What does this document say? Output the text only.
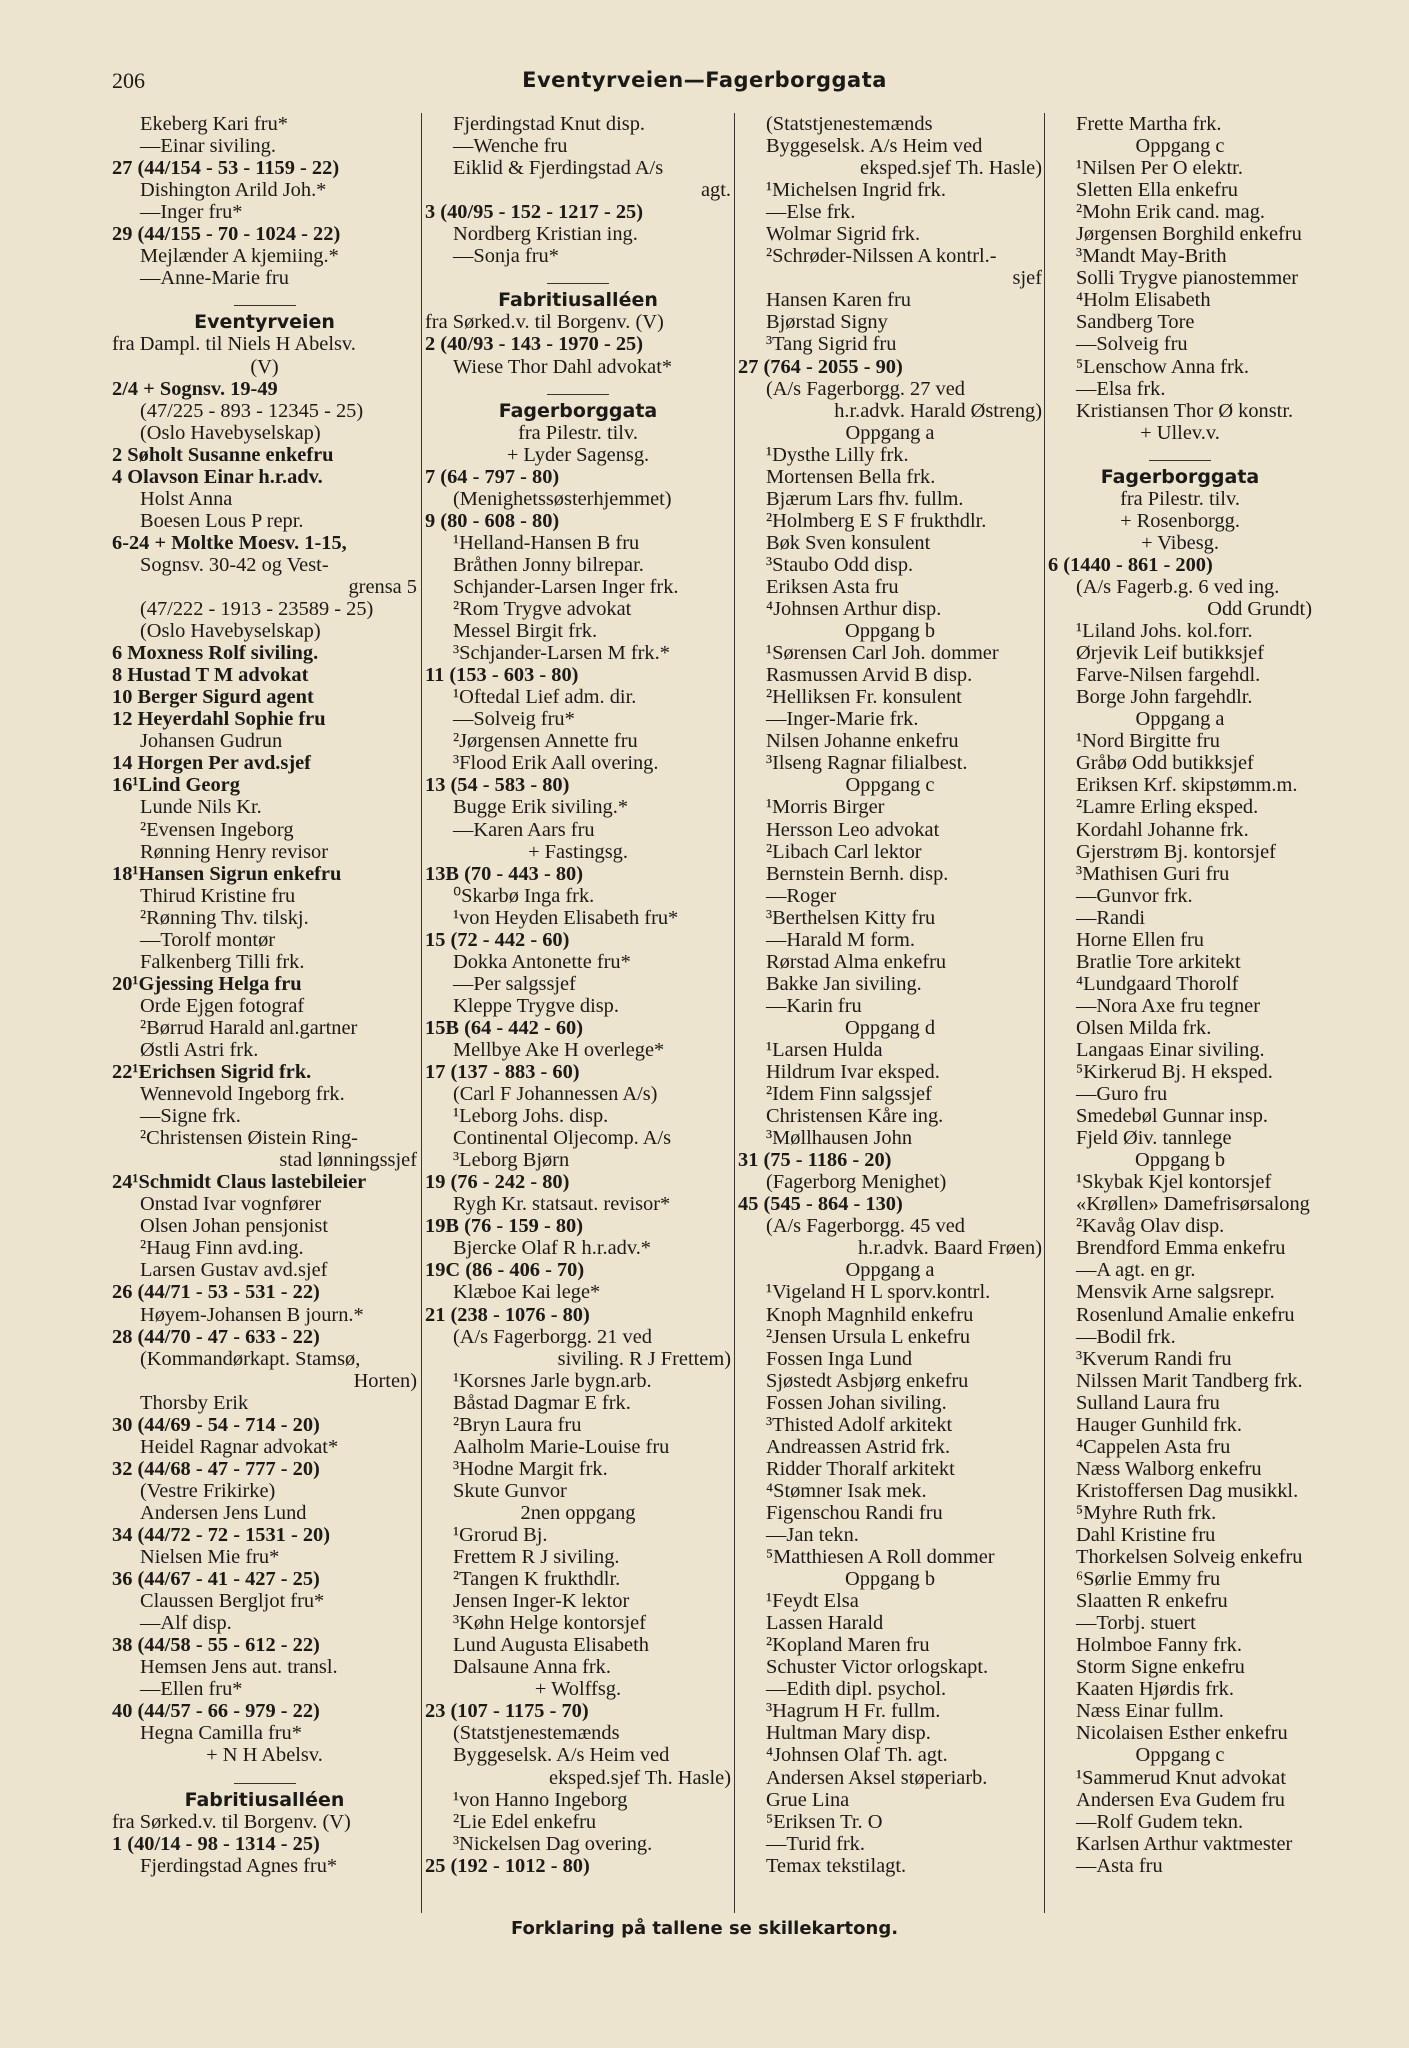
206	Eventyrveien—Fagerborggata
Ekeberg Kari fru*
—Einar siviling.
27 (44/154 - 53 - 1159 - 22)
Dishington Arild Joh.*
—Inger fru*
29 (44/155 - 70 - 1024 - 22)
Mejlænder A kjemiing.*
—Anne-Marie fru
Eventyrveien
fra Dampl. til Niels H Abelsv.
(V)
2/4 + Sognsv. 19-49
(47/225 - 893 - 12345 - 25)
(Oslo Havebyselskap)
2 Søholt Susanne enkefru
4 Olavson Einar h.r.adv.
Holst Anna
Boesen Lous P repr.
6-24 + Moltke Moesv. 1-15,
Sognsv. 30-42 og Vest-
grensa 5
(47/222 - 1913 - 23589 - 25)
(Oslo Havebyselskap)
6 Moxness Rolf siviling.
8 Hustad T M advokat
10 Berger Sigurd agent
12 Heyerdahl Sophie fru
Johansen Gudrun
14 Horgen Per avd.sjef
16¹Lind Georg
Lunde Nils Kr.
²Evensen Ingeborg
Rønning Henry revisor
18¹Hansen Sigrun enkefru
Thirud Kristine fru
²Rønning Thv. tilskj.
—Torolf montør
Falkenberg Tilli frk.
20¹Gjessing Helga fru
Orde Ejgen fotograf
²Børrud Harald anl.gartner
Østli Astri frk.
22¹Erichsen Sigrid frk.
Wennevold Ingeborg frk.
—Signe frk.
²Christensen Øistein Ring-
stad lønningssjef
24¹Schmidt Claus lastebileier
Onstad Ivar vognfører
Olsen Johan pensjonist
²Haug Finn avd.ing.
Larsen Gustav avd.sjef
26 (44/71 - 53 - 531 - 22)
Høyem-Johansen B journ.*
28 (44/70 - 47 - 633 - 22)
(Kommandørkapt. Stamsø,
Horten)
Thorsby Erik
30 (44/69 - 54 - 714 - 20)
Heidel Ragnar advokat*
32 (44/68 - 47 - 777 - 20)
(Vestre Frikirke)
Andersen Jens Lund
34 (44/72 - 72 - 1531 - 20)
Nielsen Mie fru*
36 (44/67 - 41 - 427 - 25)
Claussen Bergljot fru*
—Alf disp.
38 (44/58 - 55 - 612 - 22)
Hemsen Jens aut. transl.
—Ellen fru*
40 (44/57 - 66 - 979 - 22)
Hegna Camilla fru*
+ N H Abelsv.
Fabritiusalléen
fra Sørked.v. til Borgenv. (V)
1 (40/14 - 98 - 1314 - 25)
Fjerdingstad Agnes fru*
Fjerdingstad Knut disp.
—Wenche fru
Eiklid & Fjerdingstad A/s
agt.
3 (40/95 - 152 - 1217 - 25)
Nordberg Kristian ing.
—Sonja fru*
Fabritiusalléen
fra Sørked.v. til Borgenv. (V)
2 (40/93 - 143 - 1970 - 25)
Wiese Thor Dahl advokat*
Fagerborggata
fra Pilestr. tilv.
+ Lyder Sagensg.
7 (64 - 797 - 80)
(Menighetssøsterhjemmet)
9 (80 - 608 - 80)
¹Helland-Hansen B fru
Bråthen Jonny bilrepar.
Schjander-Larsen Inger frk.
²Rom Trygve advokat
Messel Birgit frk.
³Schjander-Larsen M frk.*
11 (153 - 603 - 80)
¹Oftedal Lief adm. dir.
—Solveig fru*
²Jørgensen Annette fru
³Flood Erik Aall overing.
13 (54 - 583 - 80)
Bugge Erik siviling.*
—Karen Aars fru
+ Fastingsg.
13B (70 - 443 - 80)
⁰Skarbø Inga frk.
¹von Heyden Elisabeth fru*
15 (72 - 442 - 60)
Dokka Antonette fru*
—Per salgssjef
Kleppe Trygve disp.
15B (64 - 442 - 60)
Mellbye Ake H overlege*
17 (137 - 883 - 60)
(Carl F Johannessen A/s)
¹Leborg Johs. disp.
Continental Oljecomp. A/s
³Leborg Bjørn
19 (76 - 242 - 80)
Rygh Kr. statsaut. revisor*
19B (76 - 159 - 80)
Bjercke Olaf R h.r.adv.*
19C (86 - 406 - 70)
Klæboe Kai lege*
21 (238 - 1076 - 80)
(A/s Fagerborgg. 21 ved
siviling. R J Frettem)
¹Korsnes Jarle bygn.arb.
Båstad Dagmar E frk.
²Bryn Laura fru
Aalholm Marie-Louise fru
³Hodne Margit frk.
Skute Gunvor
2nen oppgang
¹Grorud Bj.
Frettem R J siviling.
²Tangen K frukthdlr.
Jensen Inger-K lektor
³Køhn Helge kontorsjef
Lund Augusta Elisabeth
Dalsaune Anna frk.
+ Wolffsg.
23 (107 - 1175 - 70)
(Statstjenestemænds
Byggeselsk. A/s Heim ved
eksped.sjef Th. Hasle)
¹von Hanno Ingeborg
²Lie Edel enkefru
³Nickelsen Dag overing.
25 (192 - 1012 - 80)
(Statstjenestemænds
Byggeselsk. A/s Heim ved
eksped.sjef Th. Hasle)
¹Michelsen Ingrid frk.
—Else frk.
Wolmar Sigrid frk.
²Schrøder-Nilssen A kontrl.-
sjef
Hansen Karen fru
Bjørstad Signy
³Tang Sigrid fru
27 (764 - 2055 - 90)
(A/s Fagerborgg. 27 ved
h.r.advk. Harald Østreng)
Oppgang a
¹Dysthe Lilly frk.
Mortensen Bella frk.
Bjærum Lars fhv. fullm.
²Holmberg E S F frukthdlr.
Bøk Sven konsulent
³Staubo Odd disp.
Eriksen Asta fru
⁴Johnsen Arthur disp.
Oppgang b
¹Sørensen Carl Joh. dommer
Rasmussen Arvid B disp.
²Helliksen Fr. konsulent
—Inger-Marie frk.
Nilsen Johanne enkefru
³Ilseng Ragnar filialbest.
Oppgang c
¹Morris Birger
Hersson Leo advokat
²Libach Carl lektor
Bernstein Bernh. disp.
—Roger
³Berthelsen Kitty fru
—Harald M form.
Rørstad Alma enkefru
Bakke Jan siviling.
—Karin fru
Oppgang d
¹Larsen Hulda
Hildrum Ivar eksped.
²Idem Finn salgssjef
Christensen Kåre ing.
³Møllhausen John
31 (75 - 1186 - 20)
(Fagerborg Menighet)
45 (545 - 864 - 130)
(A/s Fagerborgg. 45 ved
h.r.advk. Baard Frøen)
Oppgang a
¹Vigeland H L sporv.kontrl.
Knoph Magnhild enkefru
²Jensen Ursula L enkefru
Fossen Inga Lund
Sjøstedt Asbjørg enkefru
Fossen Johan siviling.
³Thisted Adolf arkitekt
Andreassen Astrid frk.
Ridder Thoralf arkitekt
⁴Stømner Isak mek.
Figenschou Randi fru
—Jan tekn.
⁵Matthiesen A Roll dommer
Oppgang b
¹Feydt Elsa
Lassen Harald
²Kopland Maren fru
Schuster Victor orlogskapt.
—Edith dipl. psychol.
³Hagrum H Fr. fullm.
Hultman Mary disp.
⁴Johnsen Olaf Th. agt.
Andersen Aksel støperiarb.
Grue Lina
⁵Eriksen Tr. O
—Turid frk.
Temax tekstilagt.
Frette Martha frk.
Oppgang c
¹Nilsen Per O elektr.
Sletten Ella enkefru
²Mohn Erik cand. mag.
Jørgensen Borghild enkefru
³Mandt May-Brith
Solli Trygve pianostemmer
⁴Holm Elisabeth
Sandberg Tore
—Solveig fru
⁵Lenschow Anna frk.
—Elsa frk.
Kristiansen Thor Ø konstr.
+ Ullev.v.
Fagerborggata
fra Pilestr. tilv.
+ Rosenborgg.
+ Vibesg.
6 (1440 - 861 - 200)
(A/s Fagerb.g. 6 ved ing.
Odd Grundt)
¹Liland Johs. kol.forr.
Ørjevik Leif butikksjef
Farve-Nilsen fargehdl.
Borge John fargehdlr.
Oppgang a
¹Nord Birgitte fru
Gråbø Odd butikksjef
Eriksen Krf. skipstømm.m.
²Lamre Erling eksped.
Kordahl Johanne frk.
Gjerstrøm Bj. kontorsjef
³Mathisen Guri fru
—Gunvor frk.
—Randi
Horne Ellen fru
Bratlie Tore arkitekt
⁴Lundgaard Thorolf
—Nora Axe fru tegner
Olsen Milda frk.
Langaas Einar siviling.
⁵Kirkerud Bj. H eksped.
—Guro fru
Smedebøl Gunnar insp.
Fjeld Øiv. tannlege
Oppgang b
¹Skybak Kjel kontorsjef
«Krøllen» Damefrisørsalong
²Kavåg Olav disp.
Brendford Emma enkefru
—A agt. en gr.
Mensvik Arne salgsrepr.
Rosenlund Amalie enkefru
—Bodil frk.
³Kverum Randi fru
Nilssen Marit Tandberg frk.
Sulland Laura fru
Hauger Gunhild frk.
⁴Cappelen Asta fru
Næss Walborg enkefru
Kristoffersen Dag musikkl.
⁵Myhre Ruth frk.
Dahl Kristine fru
Thorkelsen Solveig enkefru
⁶Sørlie Emmy fru
Slaatten R enkefru
—Torbj. stuert
Holmboe Fanny frk.
Storm Signe enkefru
Kaaten Hjørdis frk.
Næss Einar fullm.
Nicolaisen Esther enkefru
Oppgang c
¹Sammerud Knut advokat
Andersen Eva Gudem fru
—Rolf Gudem tekn.
Karlsen Arthur vaktmester
—Asta fru
Forklaring på tallene se skillekartong.
